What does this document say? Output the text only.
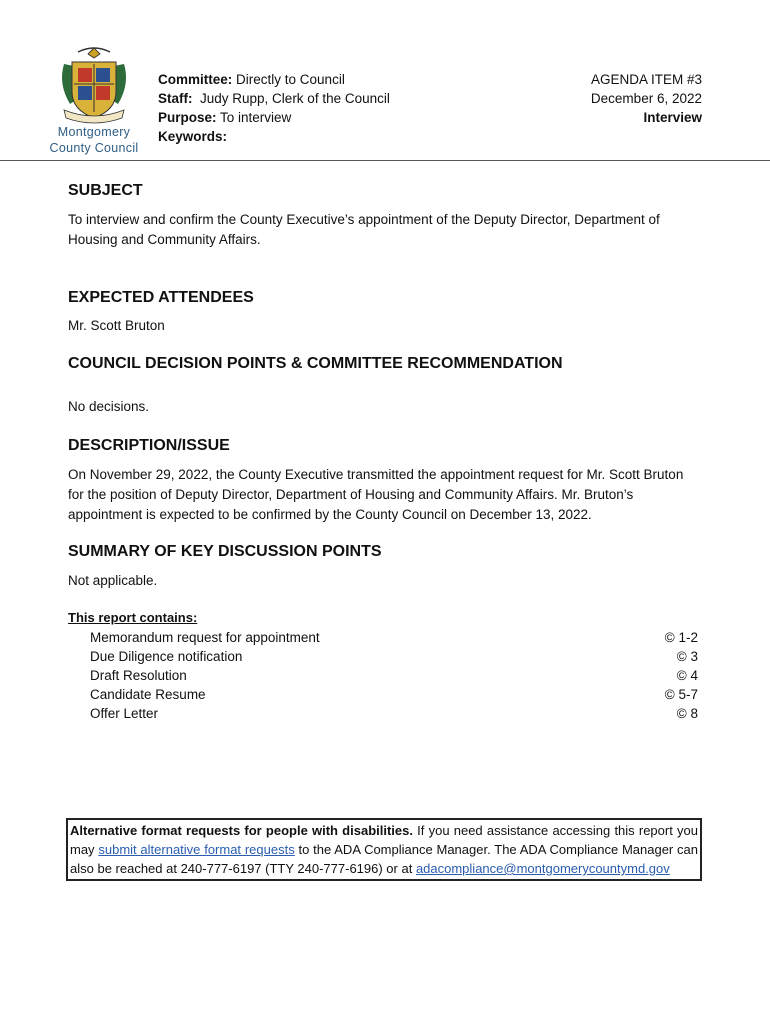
Montgomery
County Council
Committee: Directly to Council
Staff: Judy Rupp, Clerk of the Council
Purpose: To interview
Keywords:
AGENDA ITEM #3
December 6, 2022
Interview
SUBJECT

To interview and confirm the County Executive’s appointment of the Deputy Director, Department of Housing and Community Affairs.

EXPECTED ATTENDEES

Mr. Scott Bruton

COUNCIL DECISION POINTS & COMMITTEE RECOMMENDATION

No decisions.

DESCRIPTION/ISSUE

On November 29, 2022, the County Executive transmitted the appointment request for Mr. Scott Bruton for the position of Deputy Director, Department of Housing and Community Affairs. Mr. Bruton’s appointment is expected to be confirmed by the County Council on December 13, 2022.

SUMMARY OF KEY DISCUSSION POINTS

Not applicable.

This report contains:
Memorandum request for appointment	© 1-2
Due Diligence notification	© 3
Draft Resolution	© 4
Candidate Resume	© 5-7
Offer Letter	© 8
Alternative format requests for people with disabilities. If you need assistance accessing this report you may submit alternative format requests to the ADA Compliance Manager. The ADA Compliance Manager can also be reached at 240-777-6197 (TTY 240-777-6196) or at adacompliance@montgomerycountymd.gov
